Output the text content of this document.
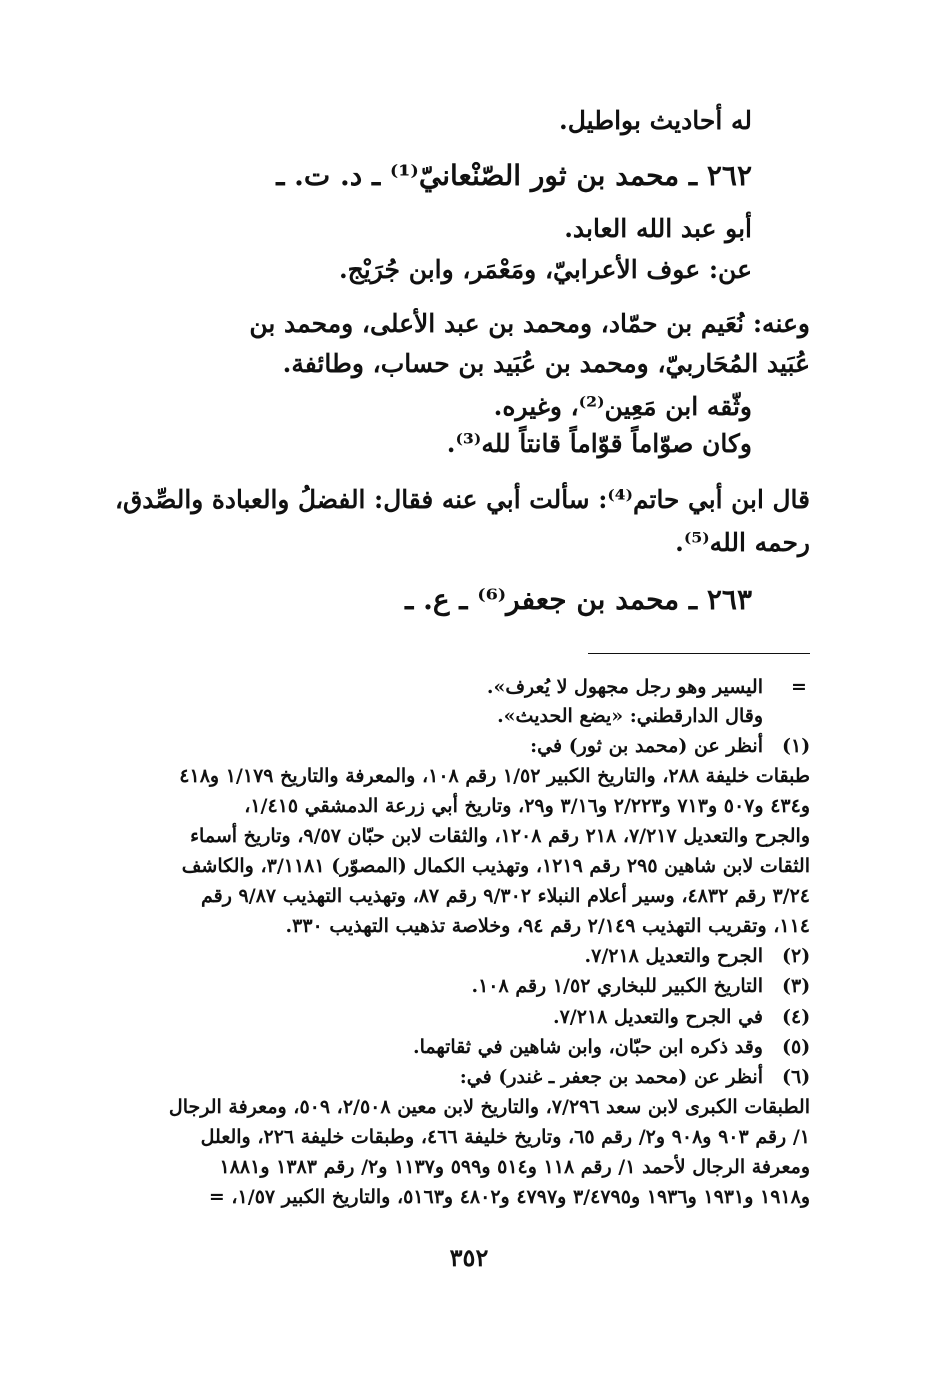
له أحاديث بواطيل.
٢٦٢ ـ محمد بن ثور الصّنْعانيّ⁽¹⁾ ـ د. ت. ـ
أبو عبد الله العابد.
عن: عوف الأعرابيّ، ومَعْمَر، وابن جُرَيْج.
وعنه: نُعَيم بن حمّاد، ومحمد بن عبد الأعلى، ومحمد بن
عُبَيد المُحَاربيّ، ومحمد بن عُبَيد بن حساب، وطائفة.
وثّقه ابن مَعِين⁽²⁾، وغيره.
وكان صوّاماً قوّاماً قانتاً لله⁽³⁾.
قال ابن أبي حاتم⁽⁴⁾: سألت أبي عنه فقال: الفضلُ والعبادة والصِّدق،
رحمه الله⁽⁵⁾.
٢٦٣ ـ محمد بن جعفر⁽⁶⁾ ـ ع. ـ
=
اليسير وهو رجل مجهول لا يُعرف».
وقال الدارقطني: «يضع الحديث».
(١)
أنظر عن (محمد بن ثور) في:
طبقات خليفة ٢٨٨، والتاريخ الكبير ١/٥٢ رقم ١٠٨، والمعرفة والتاريخ ١/١٧٩ و٤١٨
و٤٣٤ و٥٠٧ و٧١٣ و٢/٢٢٣ و٣/١٦ و٢٩، وتاريخ أبي زرعة الدمشقي ١/٤١٥،
والجرح والتعديل ٧/٢١٧، ٢١٨ رقم ١٢٠٨، والثقات لابن حبّان ٩/٥٧، وتاريخ أسماء
الثقات لابن شاهين ٢٩٥ رقم ١٢١٩، وتهذيب الكمال (المصوّر) ٣/١١٨١، والكاشف
٣/٢٤ رقم ٤٨٣٢، وسير أعلام النبلاء ٩/٣٠٢ رقم ٨٧، وتهذيب التهذيب ٩/٨٧ رقم
١١٤، وتقريب التهذيب ٢/١٤٩ رقم ٩٤، وخلاصة تذهيب التهذيب ٣٣٠.
(٢)
الجرح والتعديل ٧/٢١٨.
(٣)
التاريخ الكبير للبخاري ١/٥٢ رقم ١٠٨.
(٤)
في الجرح والتعديل ٧/٢١٨.
(٥)
وقد ذكره ابن حبّان، وابن شاهين في ثقاتهما.
(٦)
أنظر عن (محمد بن جعفر ـ غندر) في:
الطبقات الكبرى لابن سعد ٧/٢٩٦، والتاريخ لابن معين ٢/٥٠٨، ٥٠٩، ومعرفة الرجال
١/ رقم ٩٠٣ و٩٠٨ و٢/ رقم ٦٥، وتاريخ خليفة ٤٦٦، وطبقات خليفة ٢٢٦، والعلل
ومعرفة الرجال لأحمد ١/ رقم ١١٨ و٥١٤ و٥٩٩ و١١٣٧ و٢/ رقم ١٣٨٣ و١٨٨١
و١٩١٨ و١٩٣١ و١٩٣٦ و٣/٤٧٩٥ و٤٧٩٧ و٤٨٠٢ و٥١٦٣، والتاريخ الكبير ١/٥٧، =
٣٥٢
